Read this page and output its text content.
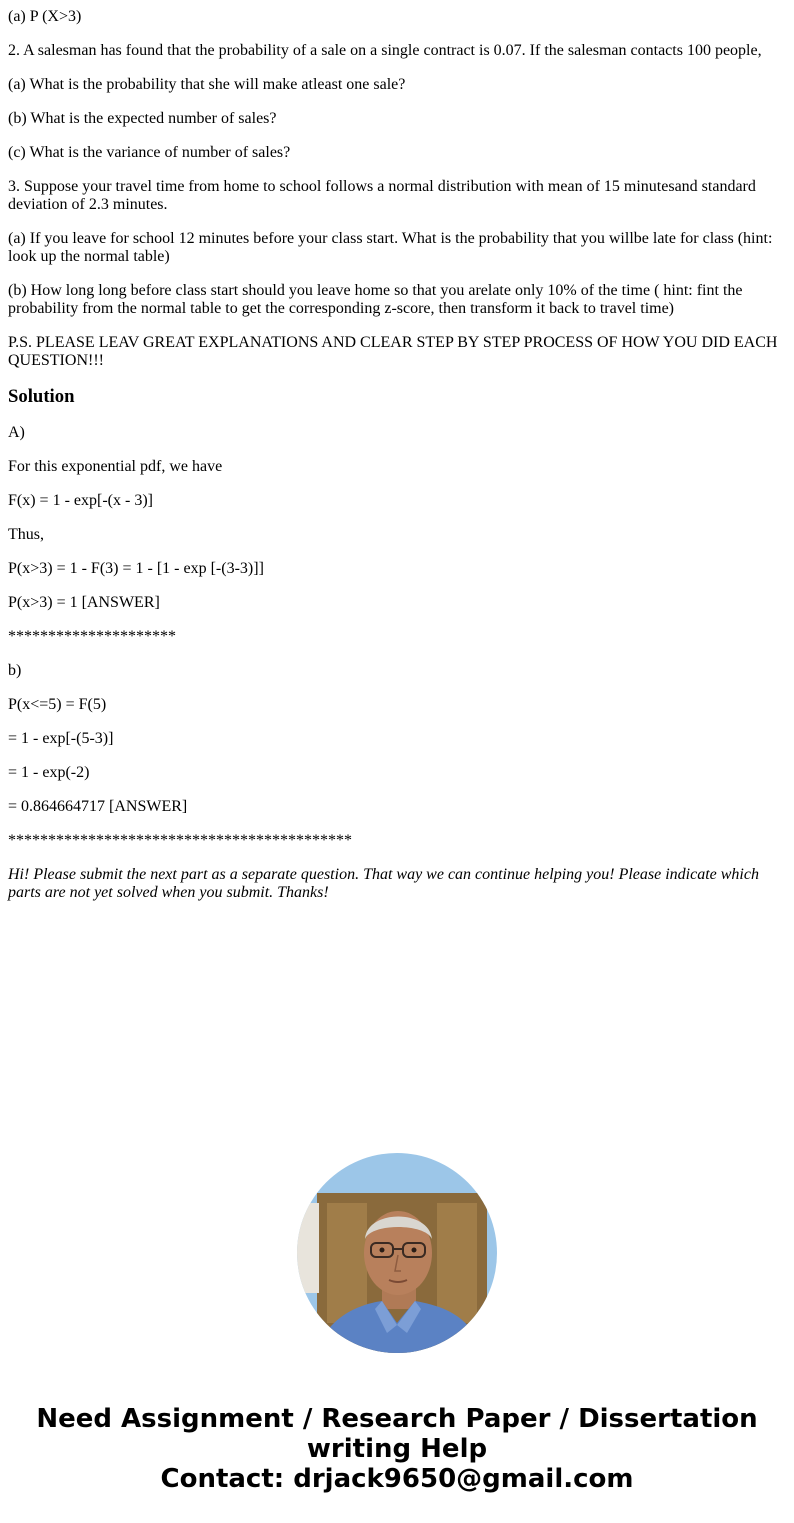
(a) P (X>3)

2. A salesman has found that the probability of a sale on a single contract is 0.07. If the salesman contacts 100 people,

(a) What is the probability that she will make atleast one sale?

(b) What is the expected number of sales?

(c) What is the variance of number of sales?

3. Suppose your travel time from home to school follows a normal distribution with mean of 15 minutesand standard deviation of 2.3 minutes.

(a) If you leave for school 12 minutes before your class start. What is the probability that you willbe late for class (hint: look up the normal table)

(b) How long long before class start should you leave home so that you arelate only 10% of the time ( hint: fint the probability from the normal table to get the corresponding z-score, then transform it back to travel time)

P.S. PLEASE LEAV GREAT EXPLANATIONS AND CLEAR STEP BY STEP PROCESS OF HOW YOU DID EACH QUESTION!!!

Solution

A)

For this exponential pdf, we have

F(x) = 1 - exp[-(x - 3)]

Thus,

P(x>3) = 1 - F(3) = 1 - [1 - exp [-(3-3)]]

P(x>3) = 1 [ANSWER]

*********************

b)

P(x<=5) = F(5)

= 1 - exp[-(5-3)]

= 1 - exp(-2)

= 0.864664717 [ANSWER]

*******************************************

Hi! Please submit the next part as a separate question. That way we can continue helping you! Please indicate which parts are not yet solved when you submit. Thanks!

Need Assignment / Research Paper / Dissertation
writing Help
Contact: drjack9650@gmail.com
